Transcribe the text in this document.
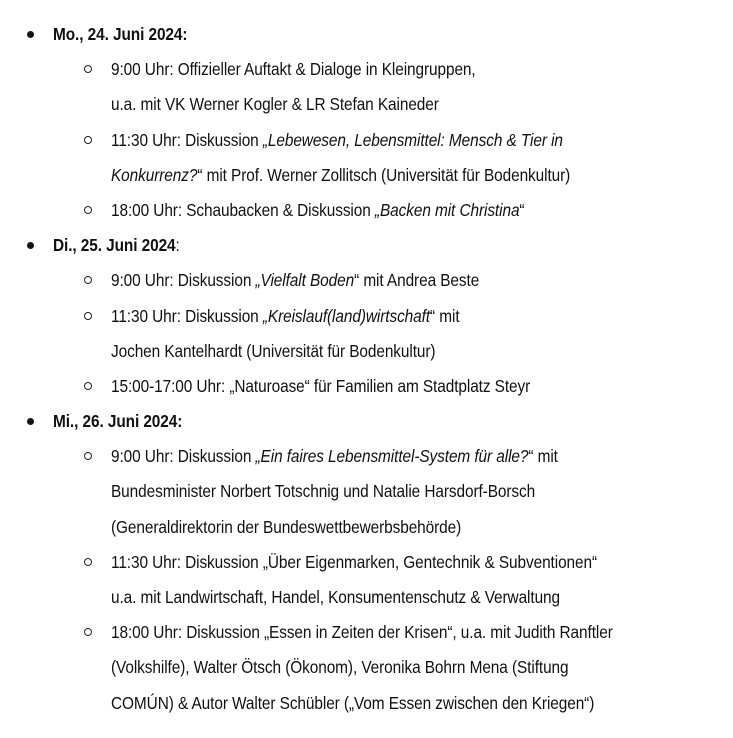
Mo., 24. Juni 2024:
9:00 Uhr: Offizieller Auftakt & Dialoge in Kleingruppen,
u.a. mit VK Werner Kogler & LR Stefan Kaineder
11:30 Uhr: Diskussion „Lebewesen, Lebensmittel: Mensch & Tier in
Konkurrenz?“ mit Prof. Werner Zollitsch (Universität für Bodenkultur)
18:00 Uhr: Schaubacken & Diskussion „Backen mit Christina“
Di., 25. Juni 2024:
9:00 Uhr: Diskussion „Vielfalt Boden“ mit Andrea Beste
11:30 Uhr: Diskussion „Kreislauf(land)wirtschaft“ mit
Jochen Kantelhardt (Universität für Bodenkultur)
15:00-17:00 Uhr: „Naturoase“ für Familien am Stadtplatz Steyr
Mi., 26. Juni 2024:
9:00 Uhr: Diskussion „Ein faires Lebensmittel-System für alle?“ mit
Bundesminister Norbert Totschnig und Natalie Harsdorf-Borsch
(Generaldirektorin der Bundeswettbewerbsbehörde)
11:30 Uhr: Diskussion „Über Eigenmarken, Gentechnik & Subventionen“
u.a. mit Landwirtschaft, Handel, Konsumentenschutz & Verwaltung
18:00 Uhr: Diskussion „Essen in Zeiten der Krisen“, u.a. mit Judith Ranftler
(Volkshilfe), Walter Ötsch (Ökonom), Veronika Bohrn Mena (Stiftung
COMÚN) & Autor Walter Schübler („Vom Essen zwischen den Kriegen“)
